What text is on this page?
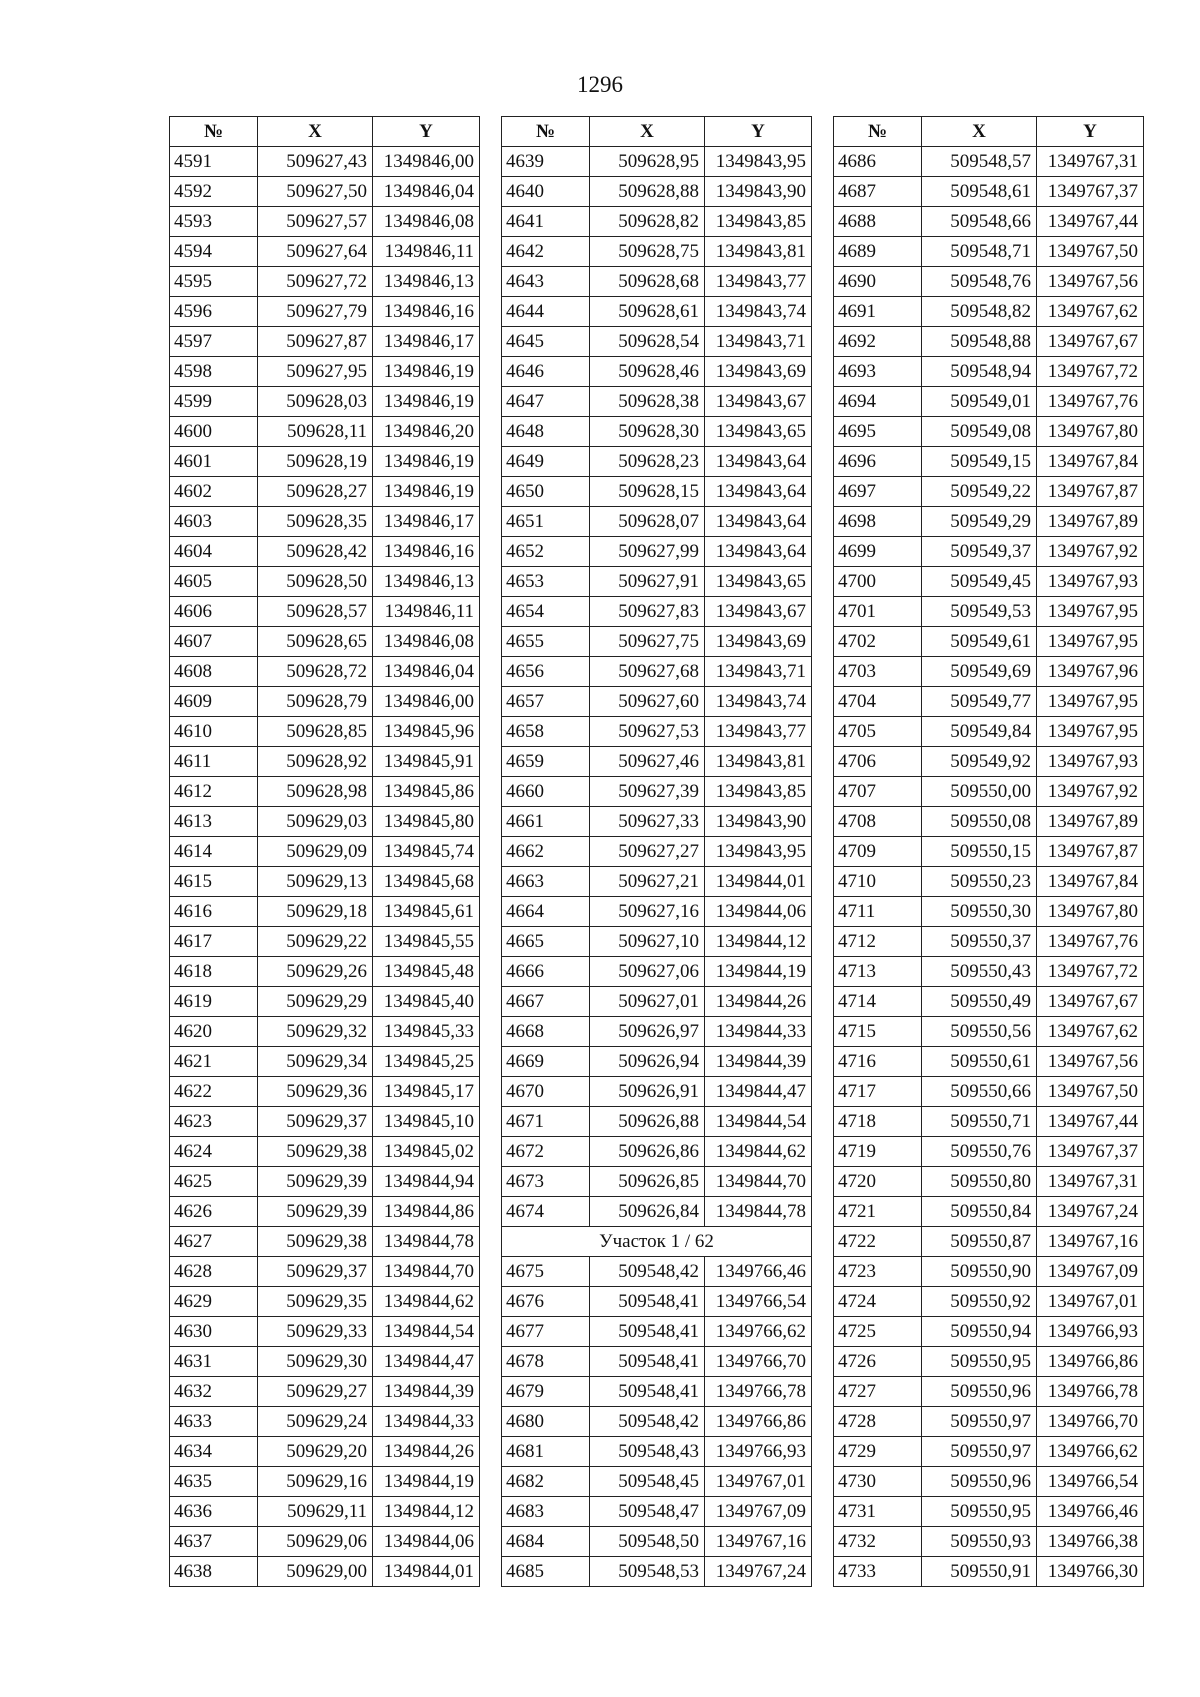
1296
№	X	Y
4591	509627,43	1349846,00
4592	509627,50	1349846,04
4593	509627,57	1349846,08
4594	509627,64	1349846,11
4595	509627,72	1349846,13
4596	509627,79	1349846,16
4597	509627,87	1349846,17
4598	509627,95	1349846,19
4599	509628,03	1349846,19
4600	509628,11	1349846,20
4601	509628,19	1349846,19
4602	509628,27	1349846,19
4603	509628,35	1349846,17
4604	509628,42	1349846,16
4605	509628,50	1349846,13
4606	509628,57	1349846,11
4607	509628,65	1349846,08
4608	509628,72	1349846,04
4609	509628,79	1349846,00
4610	509628,85	1349845,96
4611	509628,92	1349845,91
4612	509628,98	1349845,86
4613	509629,03	1349845,80
4614	509629,09	1349845,74
4615	509629,13	1349845,68
4616	509629,18	1349845,61
4617	509629,22	1349845,55
4618	509629,26	1349845,48
4619	509629,29	1349845,40
4620	509629,32	1349845,33
4621	509629,34	1349845,25
4622	509629,36	1349845,17
4623	509629,37	1349845,10
4624	509629,38	1349845,02
4625	509629,39	1349844,94
4626	509629,39	1349844,86
4627	509629,38	1349844,78
4628	509629,37	1349844,70
4629	509629,35	1349844,62
4630	509629,33	1349844,54
4631	509629,30	1349844,47
4632	509629,27	1349844,39
4633	509629,24	1349844,33
4634	509629,20	1349844,26
4635	509629,16	1349844,19
4636	509629,11	1349844,12
4637	509629,06	1349844,06
4638	509629,00	1349844,01
№	X	Y
4639	509628,95	1349843,95
4640	509628,88	1349843,90
4641	509628,82	1349843,85
4642	509628,75	1349843,81
4643	509628,68	1349843,77
4644	509628,61	1349843,74
4645	509628,54	1349843,71
4646	509628,46	1349843,69
4647	509628,38	1349843,67
4648	509628,30	1349843,65
4649	509628,23	1349843,64
4650	509628,15	1349843,64
4651	509628,07	1349843,64
4652	509627,99	1349843,64
4653	509627,91	1349843,65
4654	509627,83	1349843,67
4655	509627,75	1349843,69
4656	509627,68	1349843,71
4657	509627,60	1349843,74
4658	509627,53	1349843,77
4659	509627,46	1349843,81
4660	509627,39	1349843,85
4661	509627,33	1349843,90
4662	509627,27	1349843,95
4663	509627,21	1349844,01
4664	509627,16	1349844,06
4665	509627,10	1349844,12
4666	509627,06	1349844,19
4667	509627,01	1349844,26
4668	509626,97	1349844,33
4669	509626,94	1349844,39
4670	509626,91	1349844,47
4671	509626,88	1349844,54
4672	509626,86	1349844,62
4673	509626,85	1349844,70
4674	509626,84	1349844,78
Участок 1 / 62		
4675	509548,42	1349766,46
4676	509548,41	1349766,54
4677	509548,41	1349766,62
4678	509548,41	1349766,70
4679	509548,41	1349766,78
4680	509548,42	1349766,86
4681	509548,43	1349766,93
4682	509548,45	1349767,01
4683	509548,47	1349767,09
4684	509548,50	1349767,16
4685	509548,53	1349767,24
№	X	Y
4686	509548,57	1349767,31
4687	509548,61	1349767,37
4688	509548,66	1349767,44
4689	509548,71	1349767,50
4690	509548,76	1349767,56
4691	509548,82	1349767,62
4692	509548,88	1349767,67
4693	509548,94	1349767,72
4694	509549,01	1349767,76
4695	509549,08	1349767,80
4696	509549,15	1349767,84
4697	509549,22	1349767,87
4698	509549,29	1349767,89
4699	509549,37	1349767,92
4700	509549,45	1349767,93
4701	509549,53	1349767,95
4702	509549,61	1349767,95
4703	509549,69	1349767,96
4704	509549,77	1349767,95
4705	509549,84	1349767,95
4706	509549,92	1349767,93
4707	509550,00	1349767,92
4708	509550,08	1349767,89
4709	509550,15	1349767,87
4710	509550,23	1349767,84
4711	509550,30	1349767,80
4712	509550,37	1349767,76
4713	509550,43	1349767,72
4714	509550,49	1349767,67
4715	509550,56	1349767,62
4716	509550,61	1349767,56
4717	509550,66	1349767,50
4718	509550,71	1349767,44
4719	509550,76	1349767,37
4720	509550,80	1349767,31
4721	509550,84	1349767,24
4722	509550,87	1349767,16
4723	509550,90	1349767,09
4724	509550,92	1349767,01
4725	509550,94	1349766,93
4726	509550,95	1349766,86
4727	509550,96	1349766,78
4728	509550,97	1349766,70
4729	509550,97	1349766,62
4730	509550,96	1349766,54
4731	509550,95	1349766,46
4732	509550,93	1349766,38
4733	509550,91	1349766,30
